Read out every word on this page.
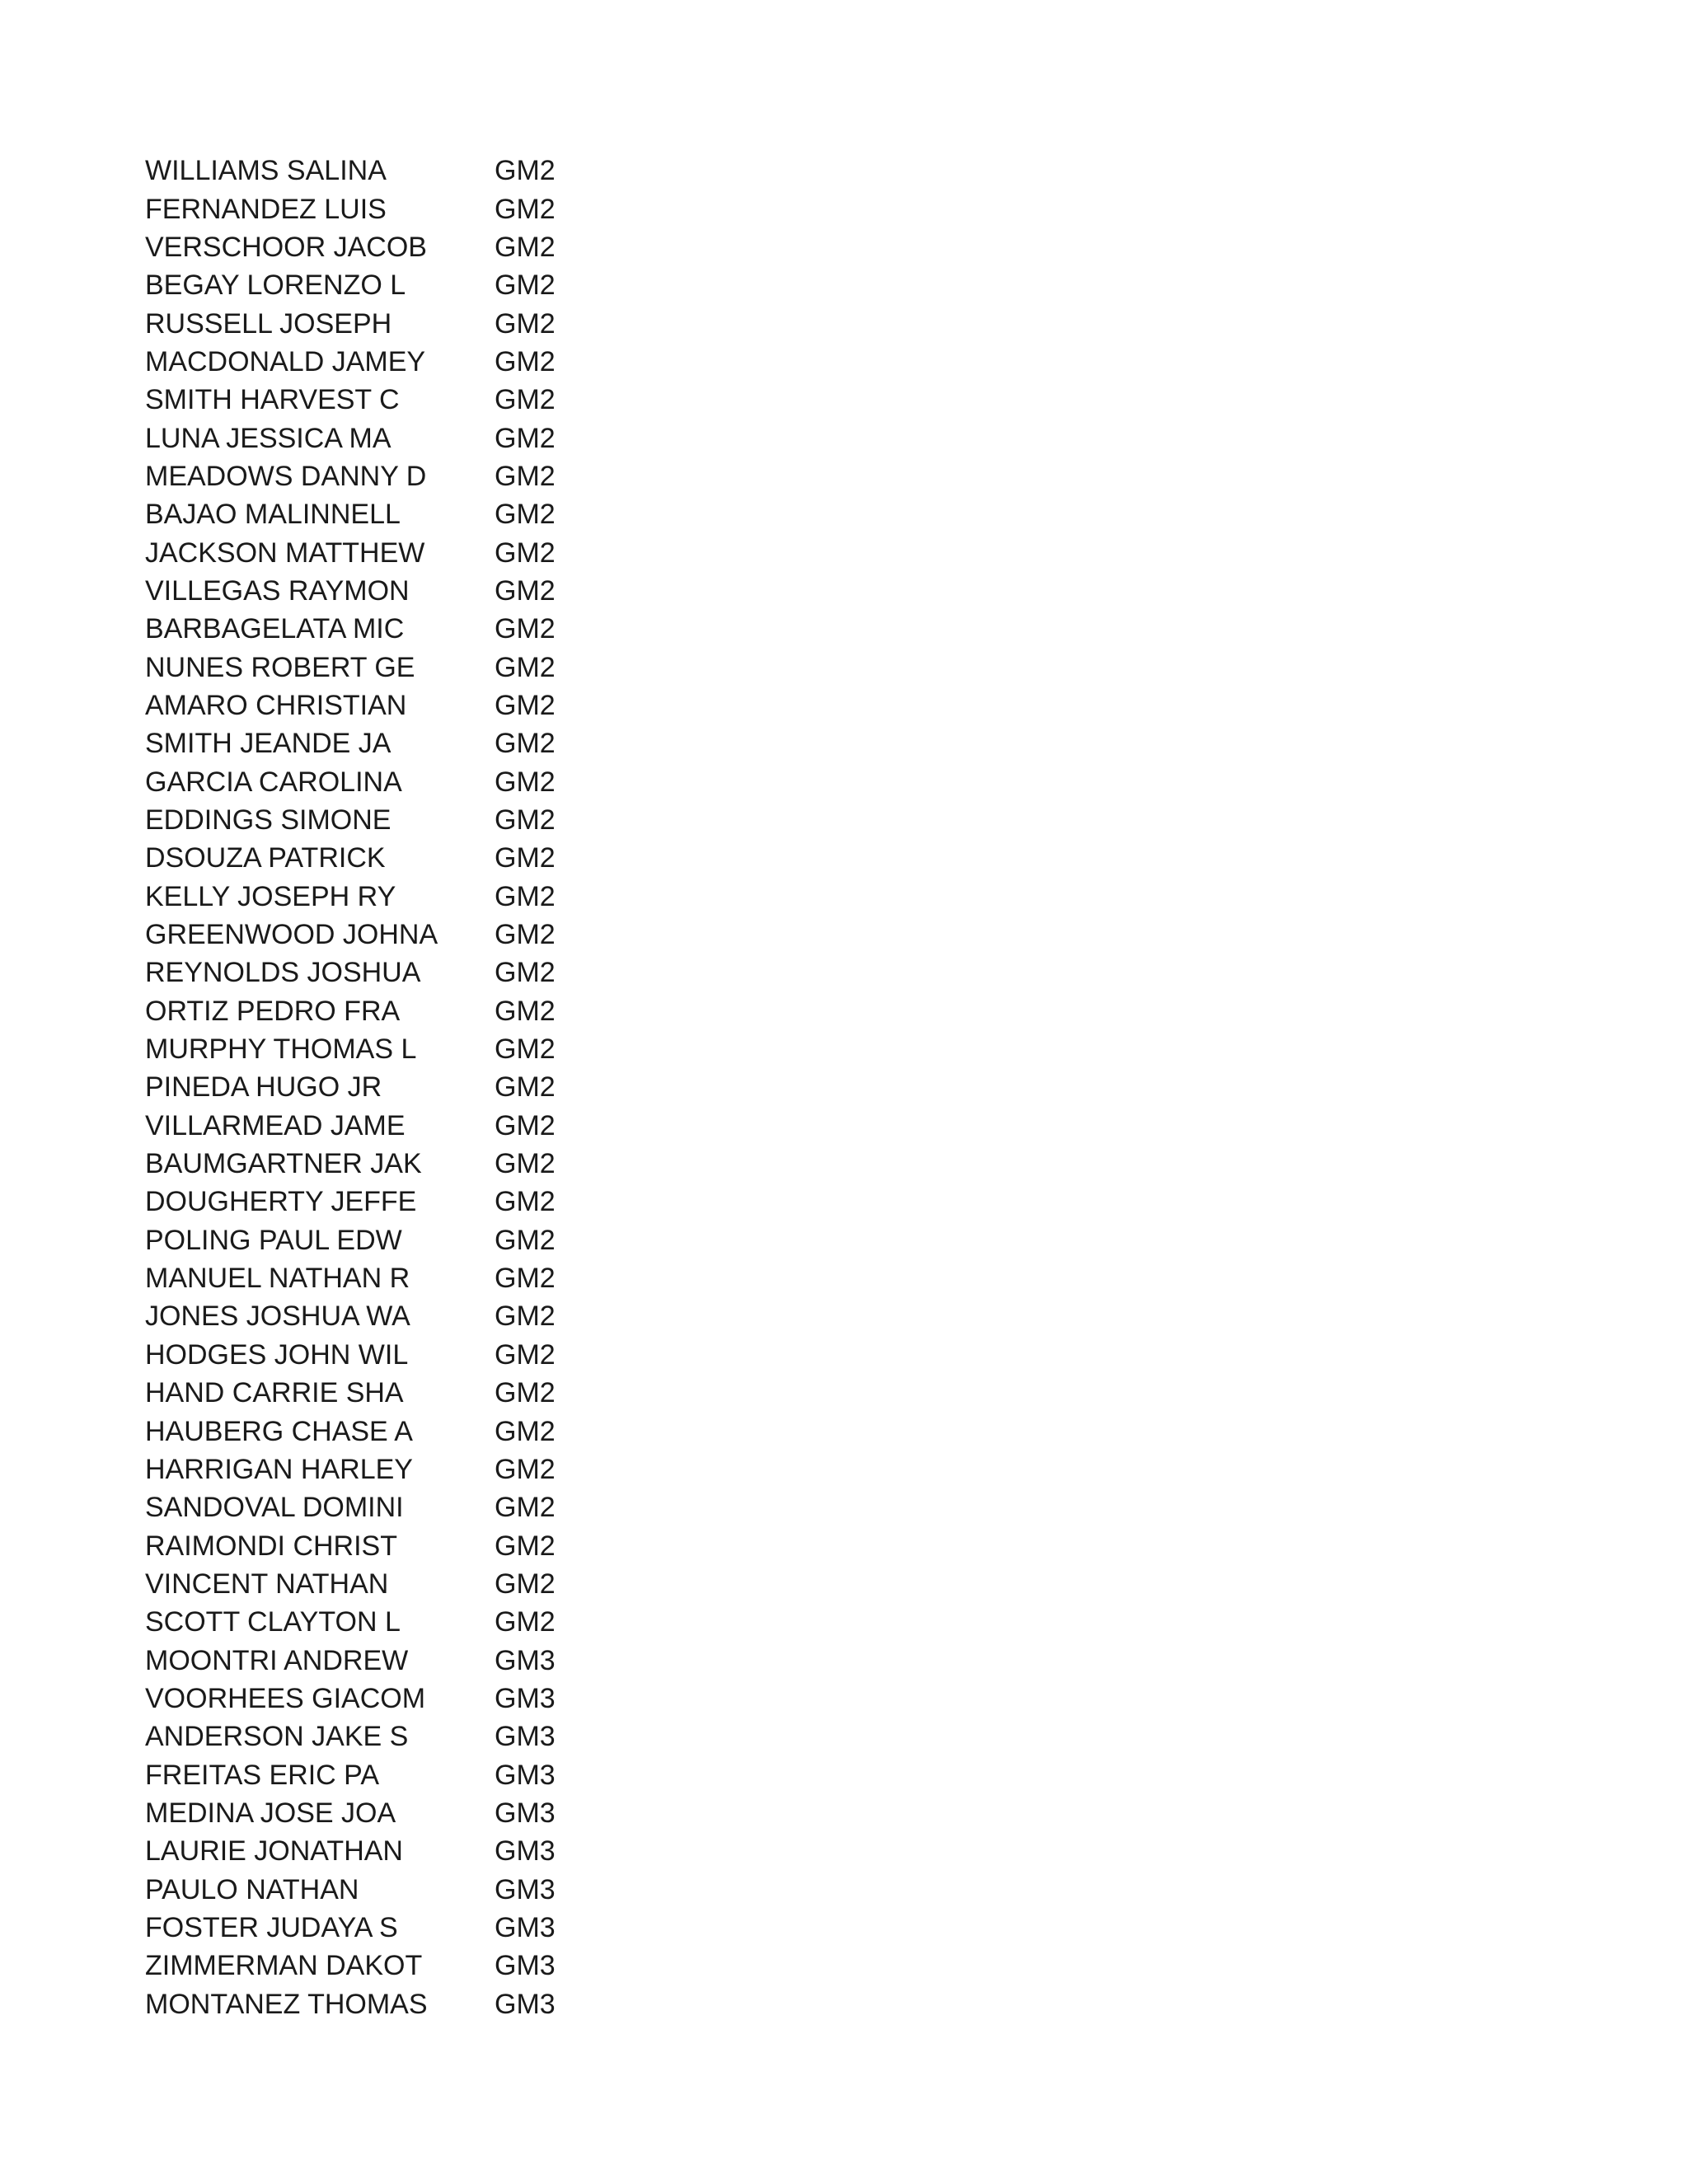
WILLIAMS SALINA	GM2
FERNANDEZ LUIS	GM2
VERSCHOOR JACOB	GM2
BEGAY LORENZO L	GM2
RUSSELL JOSEPH	GM2
MACDONALD JAMEY	GM2
SMITH HARVEST C	GM2
LUNA JESSICA MA	GM2
MEADOWS DANNY D	GM2
BAJAO MALINNELL	GM2
JACKSON MATTHEW	GM2
VILLEGAS RAYMON	GM2
BARBAGELATA MIC	GM2
NUNES ROBERT GE	GM2
AMARO CHRISTIAN	GM2
SMITH JEANDE JA	GM2
GARCIA CAROLINA	GM2
EDDINGS SIMONE	GM2
DSOUZA PATRICK	GM2
KELLY JOSEPH RY	GM2
GREENWOOD JOHNA	GM2
REYNOLDS JOSHUA	GM2
ORTIZ PEDRO FRA	GM2
MURPHY THOMAS L	GM2
PINEDA HUGO JR	GM2
VILLARMEAD JAME	GM2
BAUMGARTNER JAK	GM2
DOUGHERTY JEFFE	GM2
POLING PAUL EDW	GM2
MANUEL NATHAN R	GM2
JONES JOSHUA WA	GM2
HODGES JOHN WIL	GM2
HAND CARRIE SHA	GM2
HAUBERG CHASE A	GM2
HARRIGAN HARLEY	GM2
SANDOVAL DOMINI	GM2
RAIMONDI CHRIST	GM2
VINCENT NATHAN	GM2
SCOTT CLAYTON L	GM2
MOONTRI ANDREW	GM3
VOORHEES GIACOM	GM3
ANDERSON JAKE S	GM3
FREITAS ERIC PA	GM3
MEDINA JOSE JOA	GM3
LAURIE JONATHAN	GM3
PAULO NATHAN	GM3
FOSTER JUDAYA S	GM3
ZIMMERMAN DAKOT	GM3
MONTANEZ THOMAS	GM3
